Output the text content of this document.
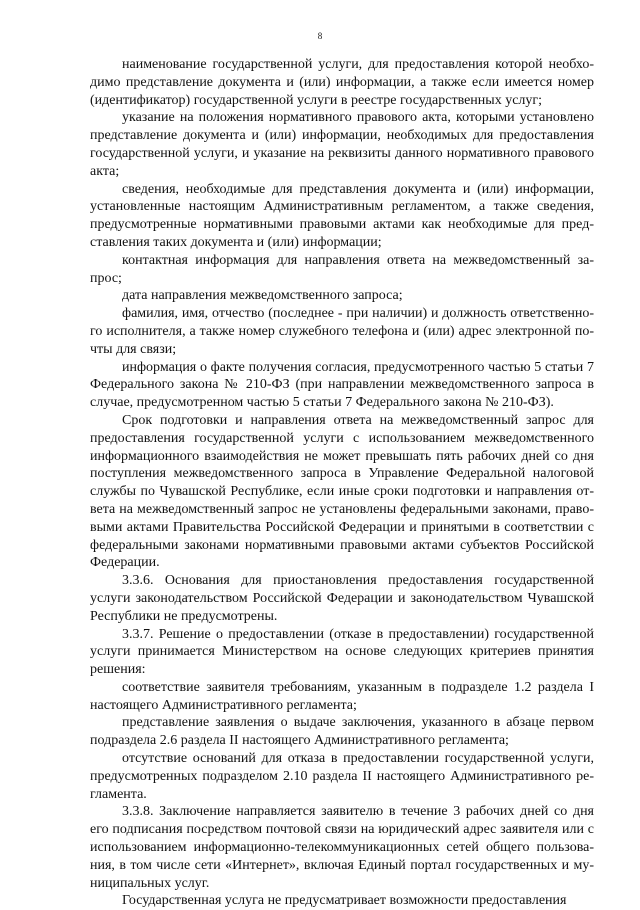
8

наименование государственной услуги, для предоставления которой необходимо представление документа и (или) информации, а также если имеется номер (идентификатор) государственной услуги в реестре государственных услуг;

указание на положения нормативного правового акта, которыми установлено представление документа и (или) информации, необходимых для предоставления государственной услуги, и указание на реквизиты данного нормативного правового акта;

сведения, необходимые для представления документа и (или) информации, установленные настоящим Административным регламентом, а также сведения, предусмотренные нормативными правовыми актами как необходимые для представления таких документа и (или) информации;

контактная информация для направления ответа на межведомственный запрос;

дата направления межведомственного запроса;

фамилия, имя, отчество (последнее - при наличии) и должность ответственного исполнителя, а также номер служебного телефона и (или) адрес электронной почты для связи;

информация о факте получения согласия, предусмотренного частью 5 статьи 7 Федерального закона № 210-ФЗ (при направлении межведомственного запроса в случае, предусмотренном частью 5 статьи 7 Федерального закона № 210-ФЗ).

Срок подготовки и направления ответа на межведомственный запрос для предоставления государственной услуги с использованием межведомственного информационного взаимодействия не может превышать пять рабочих дней со дня поступления межведомственного запроса в Управление Федеральной налоговой службы по Чувашской Республике, если иные сроки подготовки и направления ответа на межведомственный запрос не установлены федеральными законами, правовыми актами Правительства Российской Федерации и принятыми в соответствии с федеральными законами нормативными правовыми актами субъектов Российской Федерации.

3.3.6. Основания для приостановления предоставления государственной услуги законодательством Российской Федерации и законодательством Чувашской Республики не предусмотрены.

3.3.7. Решение о предоставлении (отказе в предоставлении) государственной услуги принимается Министерством на основе следующих критериев принятия решения:

соответствие заявителя требованиям, указанным в подразделе 1.2 раздела I настоящего Административного регламента;

представление заявления о выдаче заключения, указанного в абзаце первом подраздела 2.6 раздела II настоящего Административного регламента;

отсутствие оснований для отказа в предоставлении государственной услуги, предусмотренных подразделом 2.10 раздела II настоящего Административного регламента.

3.3.8. Заключение направляется заявителю в течение 3 рабочих дней со дня его подписания посредством почтовой связи на юридический адрес заявителя или с использованием информационно-телекоммуникационных сетей общего пользования, в том числе сети «Интернет», включая Единый портал государственных и муниципальных услуг.

Государственная услуга не предусматривает возможности предоставления
